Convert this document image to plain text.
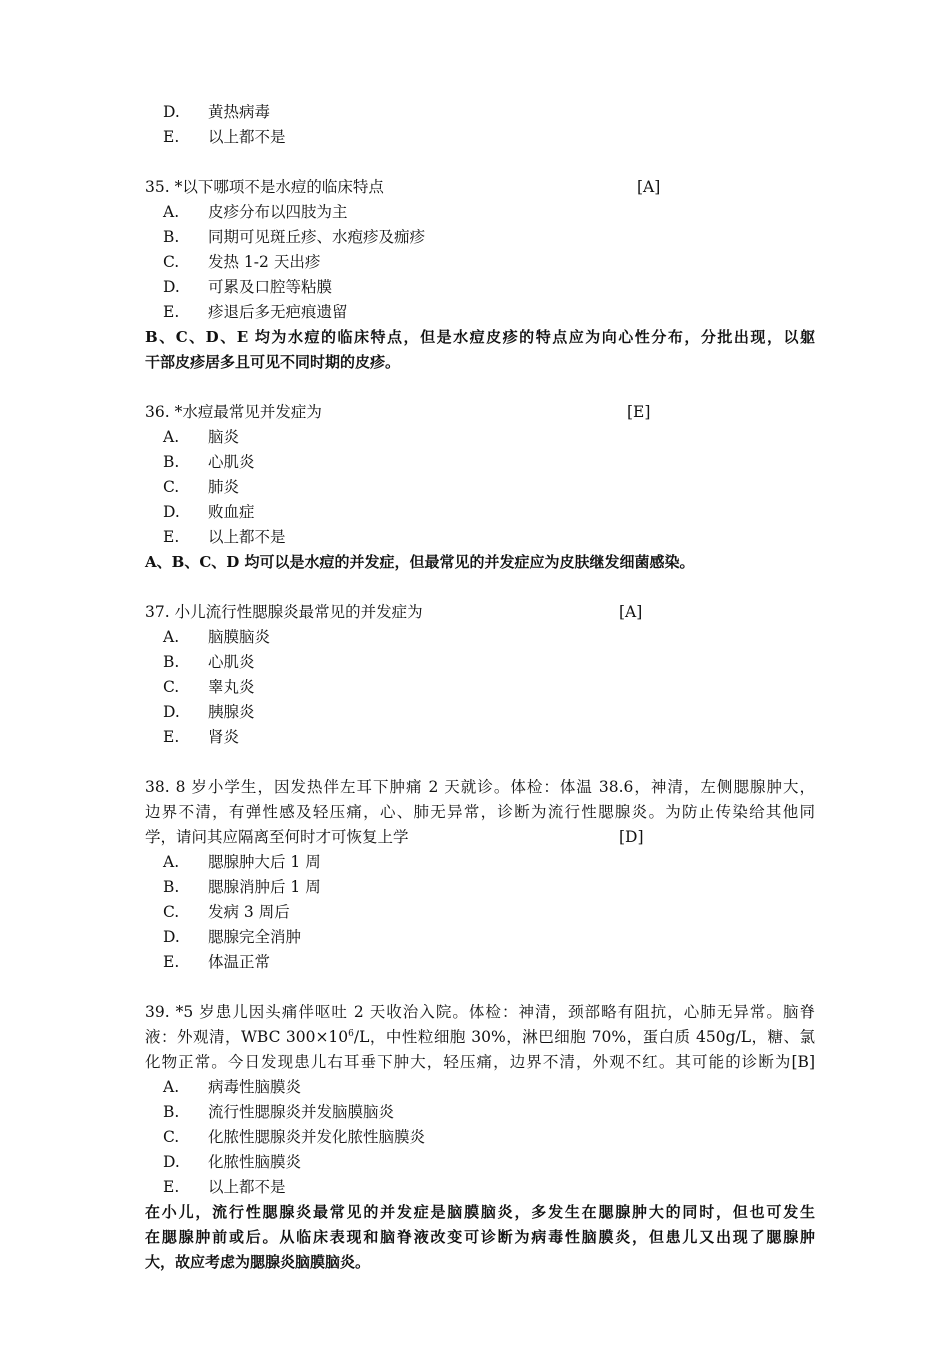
D. 黄热病毒
E. 以上都不是
35. *以下哪项不是水痘的临床特点	[A]
A. 皮疹分布以四肢为主
B. 同期可见斑丘疹、水疱疹及痂疹
C. 发热 1-2 天出疹
D. 可累及口腔等粘膜
E. 疹退后多无疤痕遗留
B、C、D、E 均为水痘的临床特点，但是水痘皮疹的特点应为向心性分布，分批出现，以躯
干部皮疹居多且可见不同时期的皮疹。
36. *水痘最常见并发症为	[E]
A. 脑炎
B. 心肌炎
C. 肺炎
D. 败血症
E. 以上都不是
A、B、C、D 均可以是水痘的并发症，但最常见的并发症应为皮肤继发细菌感染。
37. 小儿流行性腮腺炎最常见的并发症为	[A]
A. 脑膜脑炎
B. 心肌炎
C. 睾丸炎
D. 胰腺炎
E. 肾炎
38. 8 岁小学生，因发热伴左耳下肿痛 2 天就诊。体检：体温 38.6，神清，左侧腮腺肿大，
边界不清，有弹性感及轻压痛，心、肺无异常，诊断为流行性腮腺炎。为防止传染给其他同
学，请问其应隔离至何时才可恢复上学	[D]
A. 腮腺肿大后 1 周
B. 腮腺消肿后 1 周
C. 发病 3 周后
D. 腮腺完全消肿
E. 体温正常
39. *5 岁患儿因头痛伴呕吐 2 天收治入院。体检：神清，颈部略有阻抗，心肺无异常。脑脊
液：外观清，WBC $300\times 10^6/L$，中性粒细胞 30%，淋巴细胞 70%，蛋白质 450g/L，糖、氯
化物正常。今日发现患儿右耳垂下肿大，轻压痛，边界不清，外观不红。其可能的诊断为[B]
A. 病毒性脑膜炎
B. 流行性腮腺炎并发脑膜脑炎
C. 化脓性腮腺炎并发化脓性脑膜炎
D. 化脓性脑膜炎
E. 以上都不是
在小儿，流行性腮腺炎最常见的并发症是脑膜脑炎，多发生在腮腺肿大的同时，但也可发生
在腮腺肿前或后。从临床表现和脑脊液改变可诊断为病毒性脑膜炎，但患儿又出现了腮腺肿
大，故应考虑为腮腺炎脑膜脑炎。
